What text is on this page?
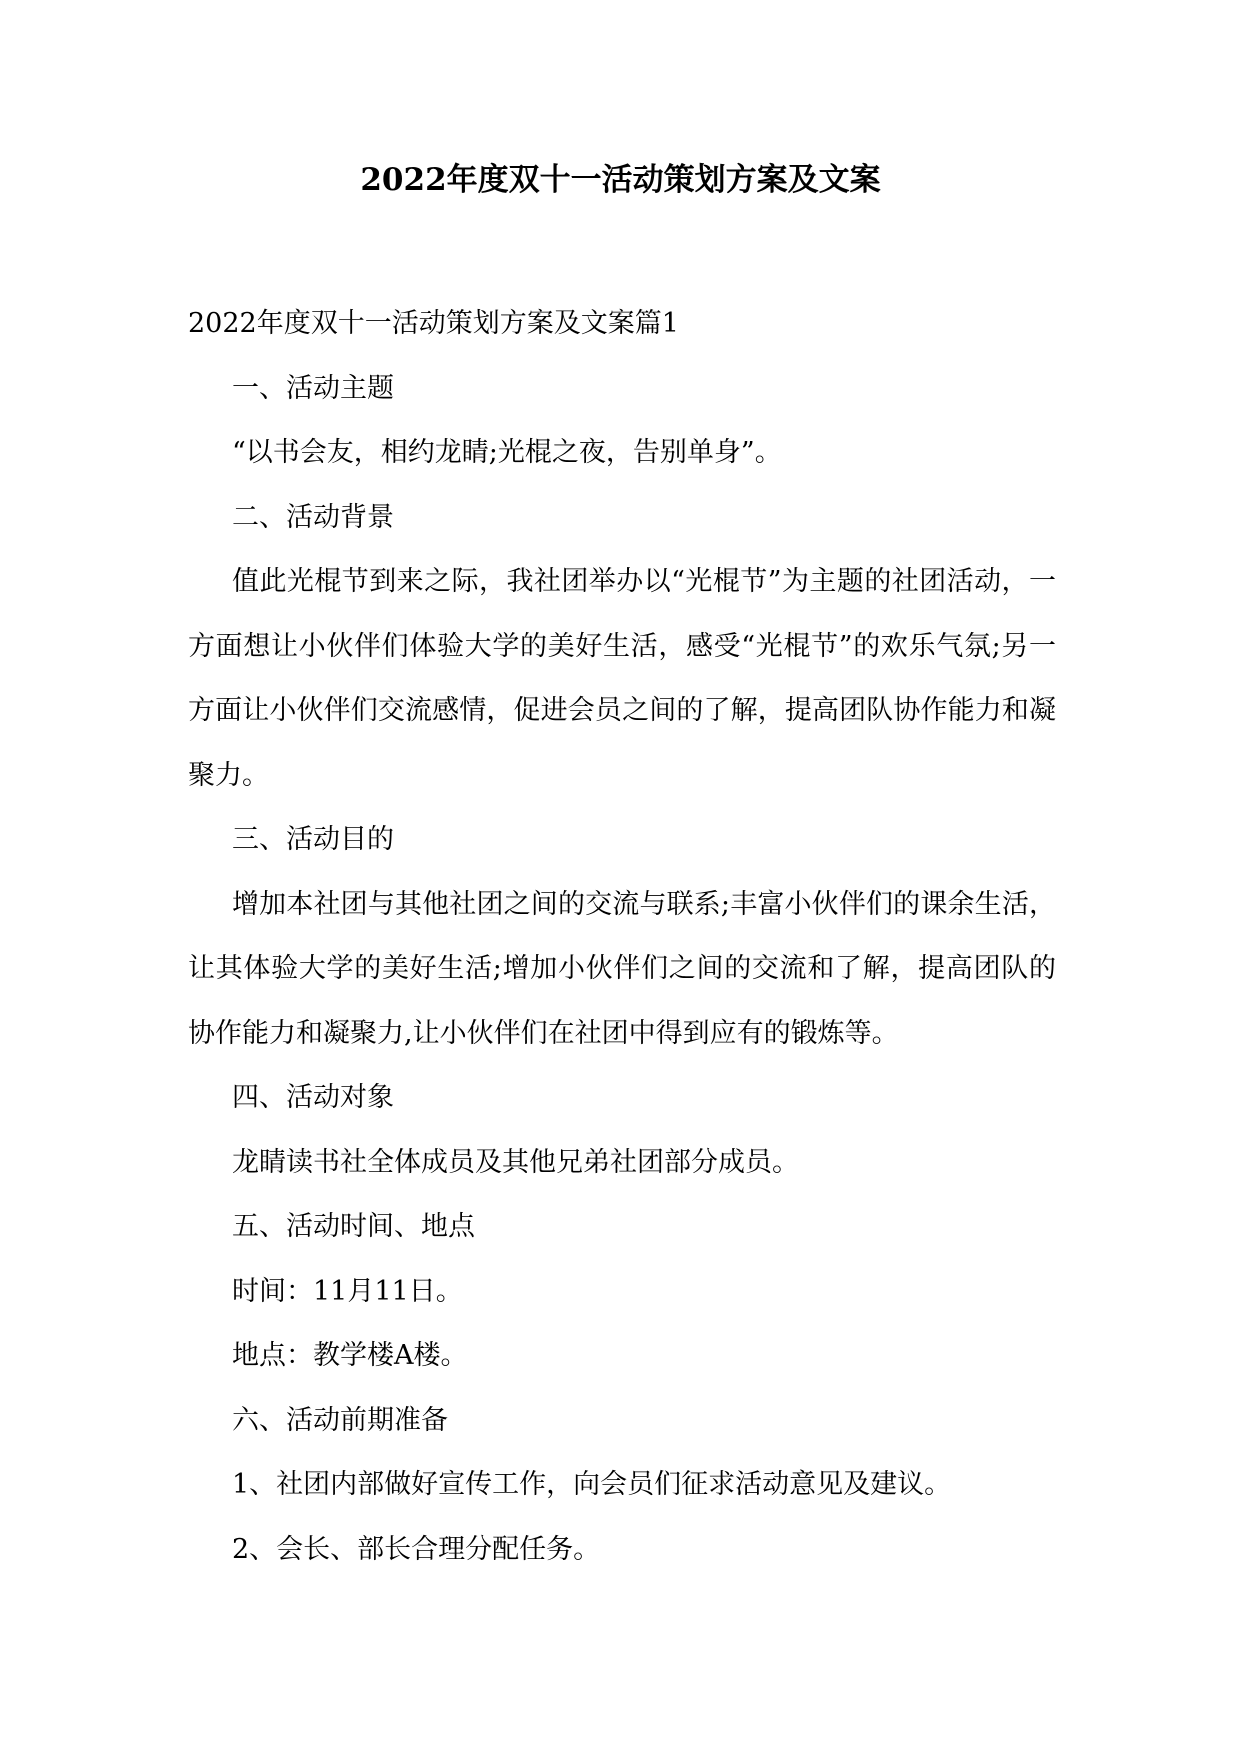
2022年度双十一活动策划方案及文案

2022年度双十一活动策划方案及文案篇1

一、活动主题

“以书会友，相约龙睛;光棍之夜，告别单身”。

二、活动背景

值此光棍节到来之际，我社团举办以“光棍节”为主题的社团活动，一方面想让小伙伴们体验大学的美好生活，感受“光棍节”的欢乐气氛;另一方面让小伙伴们交流感情，促进会员之间的了解，提高团队协作能力和凝聚力。

三、活动目的

增加本社团与其他社团之间的交流与联系;丰富小伙伴们的课余生活，让其体验大学的美好生活;增加小伙伴们之间的交流和了解，提高团队的协作能力和凝聚力,让小伙伴们在社团中得到应有的锻炼等。

四、活动对象

龙睛读书社全体成员及其他兄弟社团部分成员。

五、活动时间、地点

时间：11月11日。

地点：教学楼A楼。

六、活动前期准备

1、社团内部做好宣传工作，向会员们征求活动意见及建议。

2、会长、部长合理分配任务。
